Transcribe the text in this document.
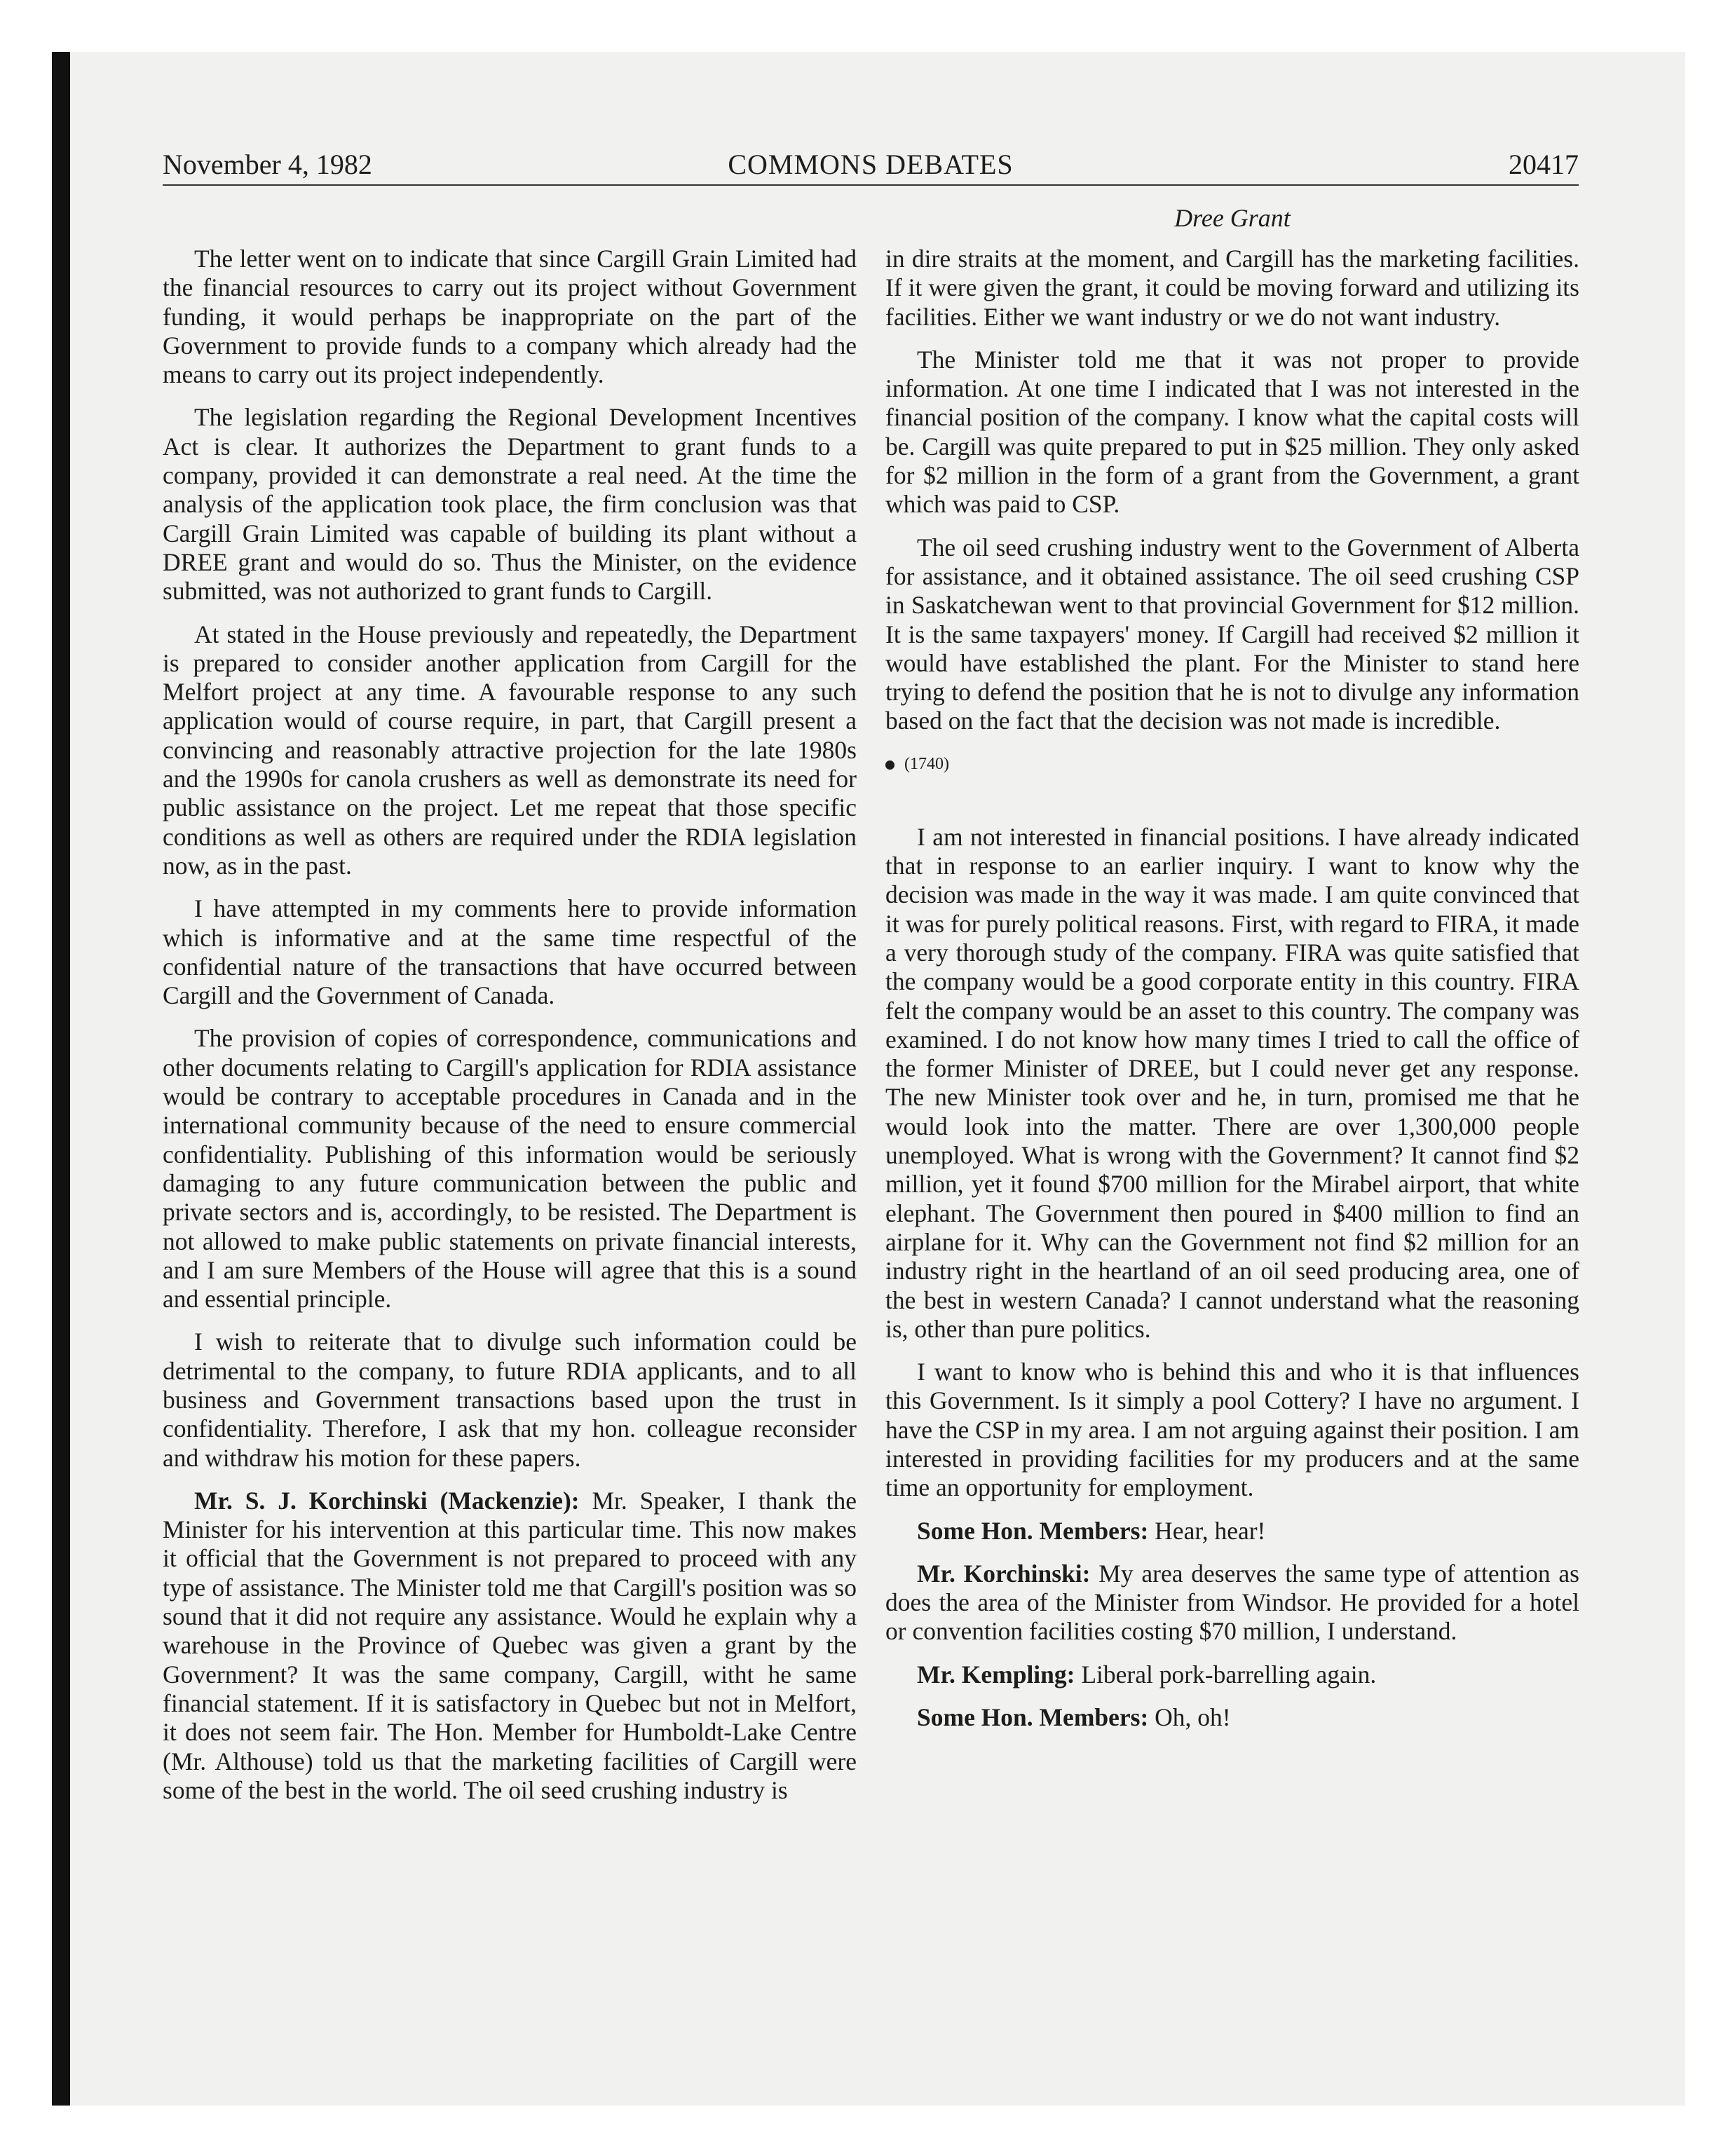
November 4, 1982	COMMONS DEBATES	20417
Dree Grant

The letter went on to indicate that since Cargill Grain Limited had the financial resources to carry out its project without Government funding, it would perhaps be inappropriate on the part of the Government to provide funds to a company which already had the means to carry out its project independently.

The legislation regarding the Regional Development Incentives Act is clear. It authorizes the Department to grant funds to a company, provided it can demonstrate a real need. At the time the analysis of the application took place, the firm conclusion was that Cargill Grain Limited was capable of building its plant without a DREE grant and would do so. Thus the Minister, on the evidence submitted, was not authorized to grant funds to Cargill.

At stated in the House previously and repeatedly, the Department is prepared to consider another application from Cargill for the Melfort project at any time. A favourable response to any such application would of course require, in part, that Cargill present a convincing and reasonably attractive projection for the late 1980s and the 1990s for canola crushers as well as demonstrate its need for public assistance on the project. Let me repeat that those specific conditions as well as others are required under the RDIA legislation now, as in the past.

I have attempted in my comments here to provide information which is informative and at the same time respectful of the confidential nature of the transactions that have occurred between Cargill and the Government of Canada.

The provision of copies of correspondence, communications and other documents relating to Cargill's application for RDIA assistance would be contrary to acceptable procedures in Canada and in the international community because of the need to ensure commercial confidentiality. Publishing of this information would be seriously damaging to any future communication between the public and private sectors and is, accordingly, to be resisted. The Department is not allowed to make public statements on private financial interests, and I am sure Members of the House will agree that this is a sound and essential principle.

I wish to reiterate that to divulge such information could be detrimental to the company, to future RDIA applicants, and to all business and Government transactions based upon the trust in confidentiality. Therefore, I ask that my hon. colleague reconsider and withdraw his motion for these papers.

Mr. S. J. Korchinski (Mackenzie): Mr. Speaker, I thank the Minister for his intervention at this particular time. This now makes it official that the Government is not prepared to proceed with any type of assistance. The Minister told me that Cargill's position was so sound that it did not require any assistance. Would he explain why a warehouse in the Province of Quebec was given a grant by the Government? It was the same company, Cargill, witht he same financial statement. If it is satisfactory in Quebec but not in Melfort, it does not seem fair. The Hon. Member for Humboldt-Lake Centre (Mr. Althouse) told us that the marketing facilities of Cargill were some of the best in the world. The oil seed crushing industry is

in dire straits at the moment, and Cargill has the marketing facilities. If it were given the grant, it could be moving forward and utilizing its facilities. Either we want industry or we do not want industry.

The Minister told me that it was not proper to provide information. At one time I indicated that I was not interested in the financial position of the company. I know what the capital costs will be. Cargill was quite prepared to put in $25 million. They only asked for $2 million in the form of a grant from the Government, a grant which was paid to CSP.

The oil seed crushing industry went to the Government of Alberta for assistance, and it obtained assistance. The oil seed crushing CSP in Saskatchewan went to that provincial Government for $12 million. It is the same taxpayers' money. If Cargill had received $2 million it would have established the plant. For the Minister to stand here trying to defend the position that he is not to divulge any information based on the fact that the decision was not made is incredible.

(1740)

I am not interested in financial positions. I have already indicated that in response to an earlier inquiry. I want to know why the decision was made in the way it was made. I am quite convinced that it was for purely political reasons. First, with regard to FIRA, it made a very thorough study of the company. FIRA was quite satisfied that the company would be a good corporate entity in this country. FIRA felt the company would be an asset to this country. The company was examined. I do not know how many times I tried to call the office of the former Minister of DREE, but I could never get any response. The new Minister took over and he, in turn, promised me that he would look into the matter. There are over 1,300,000 people unemployed. What is wrong with the Government? It cannot find $2 million, yet it found $700 million for the Mirabel airport, that white elephant. The Government then poured in $400 million to find an airplane for it. Why can the Government not find $2 million for an industry right in the heartland of an oil seed producing area, one of the best in western Canada? I cannot understand what the reasoning is, other than pure politics.

I want to know who is behind this and who it is that influences this Government. Is it simply a pool Cottery? I have no argument. I have the CSP in my area. I am not arguing against their position. I am interested in providing facilities for my producers and at the same time an opportunity for employment.

Some Hon. Members: Hear, hear!

Mr. Korchinski: My area deserves the same type of attention as does the area of the Minister from Windsor. He provided for a hotel or convention facilities costing $70 million, I understand.

Mr. Kempling: Liberal pork-barrelling again.

Some Hon. Members: Oh, oh!
